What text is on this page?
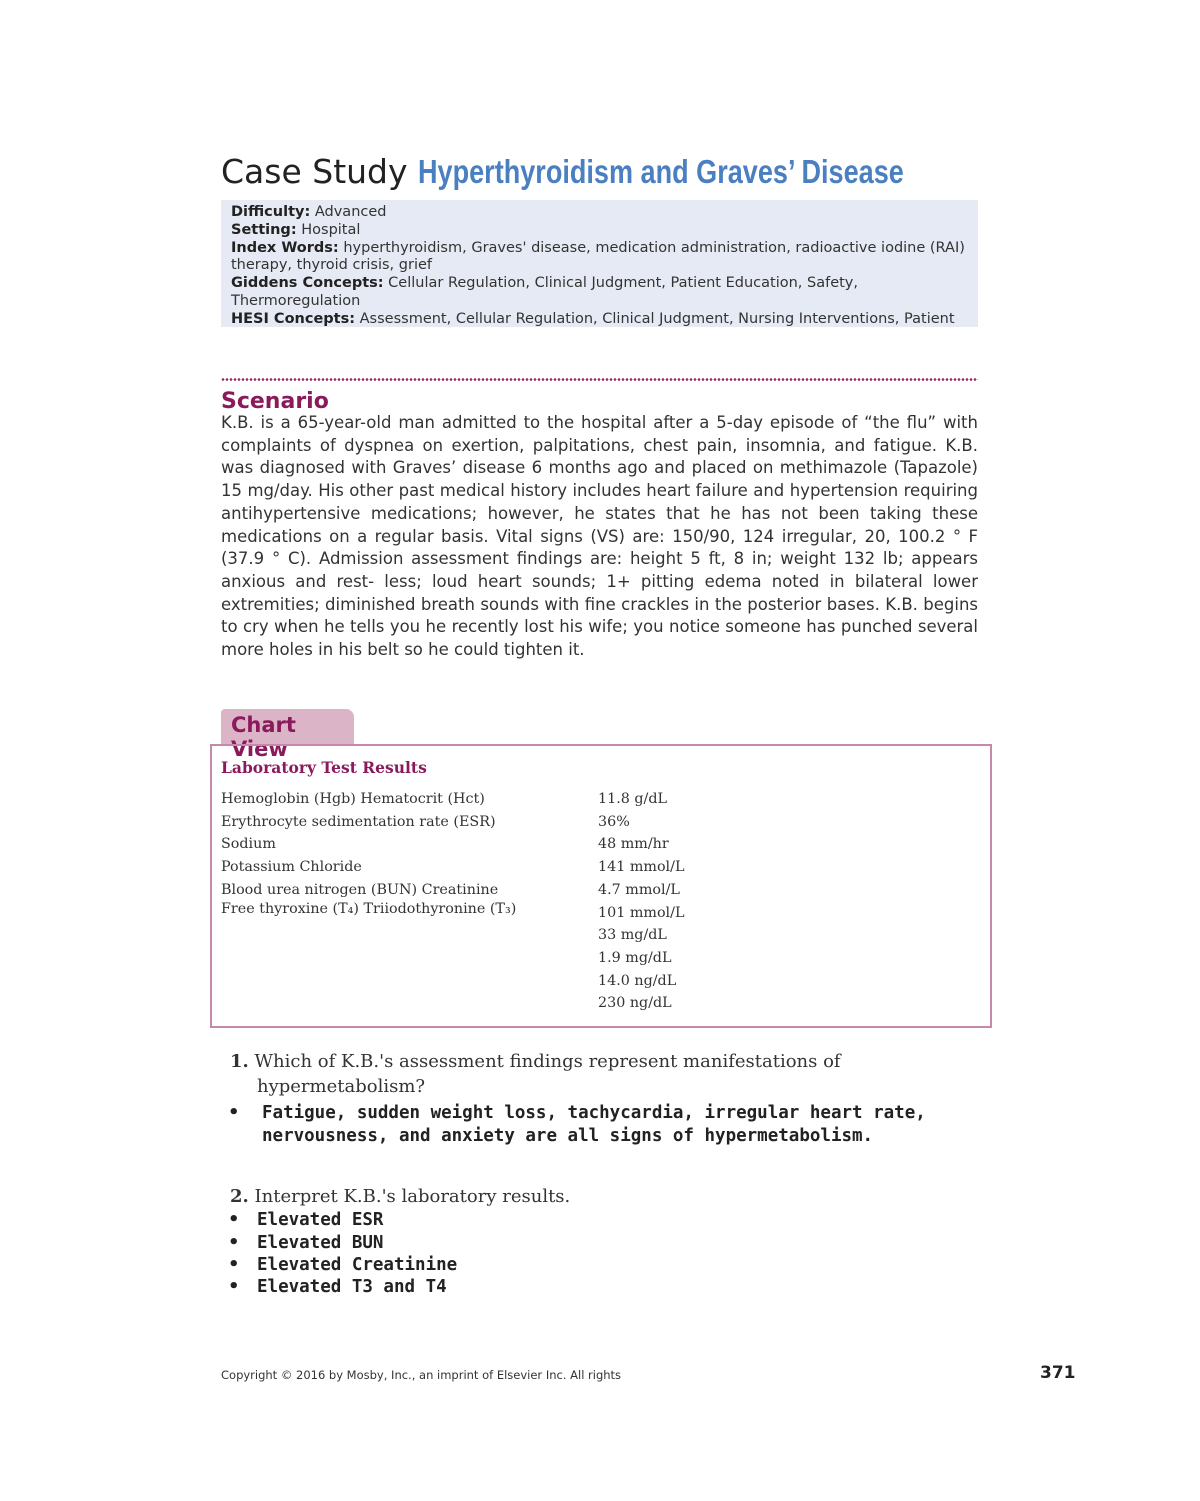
Case Study Hyperthyroidism and Graves’ Disease
Difficulty: Advanced
Setting: Hospital
Index Words: hyperthyroidism, Graves' disease, medication administration, radioactive iodine (RAI) therapy, thyroid crisis, grief
Giddens Concepts: Cellular Regulation, Clinical Judgment, Patient Education, Safety, Thermoregulation
HESI Concepts: Assessment, Cellular Regulation, Clinical Judgment, Nursing Interventions, Patient
Scenario
K.B. is a 65-year-old man admitted to the hospital after a 5-day episode of “the flu” with complaints of dyspnea on exertion, palpitations, chest pain, insomnia, and fatigue. K.B. was diagnosed with Graves’ disease 6 months ago and placed on methimazole (Tapazole) 15 mg/day. His other past medical history includes heart failure and hypertension requiring antihypertensive medications; however, he states that he has not been taking these medications on a regular basis. Vital signs (VS) are: 150/90, 124 irregular, 20, 100.2 ° F (37.9 ° C). Admission assessment findings are: height 5 ft, 8 in; weight 132 lb; appears anxious and rest- less; loud heart sounds; 1+ pitting edema noted in bilateral lower extremities; diminished breath sounds with fine crackles in the posterior bases. K.B. begins to cry when he tells you he recently lost his wife; you notice someone has punched several more holes in his belt so he could tighten it.
Chart View
Laboratory Test Results
Hemoglobin (Hgb) Hematocrit (Hct)
Erythrocyte sedimentation rate (ESR)
Sodium
Potassium Chloride
Blood urea nitrogen (BUN) Creatinine
Free thyroxine (T₄) Triiodothyronine (T₃)
11.8 g/dL
36%
48 mm/hr
141 mmol/L
4.7 mmol/L
101 mmol/L
33 mg/dL
1.9 mg/dL
14.0 ng/dL
230 ng/dL
1. Which of K.B.'s assessment findings represent manifestations of
hypermetabolism?
• Fatigue, sudden weight loss, tachycardia, irregular heart rate,
nervousness, and anxiety are all signs of hypermetabolism.
2. Interpret K.B.'s laboratory results.
• Elevated ESR
• Elevated BUN
• Elevated Creatinine
• Elevated T3 and T4
Copyright © 2016 by Mosby, Inc., an imprint of Elsevier Inc. All rights	371
